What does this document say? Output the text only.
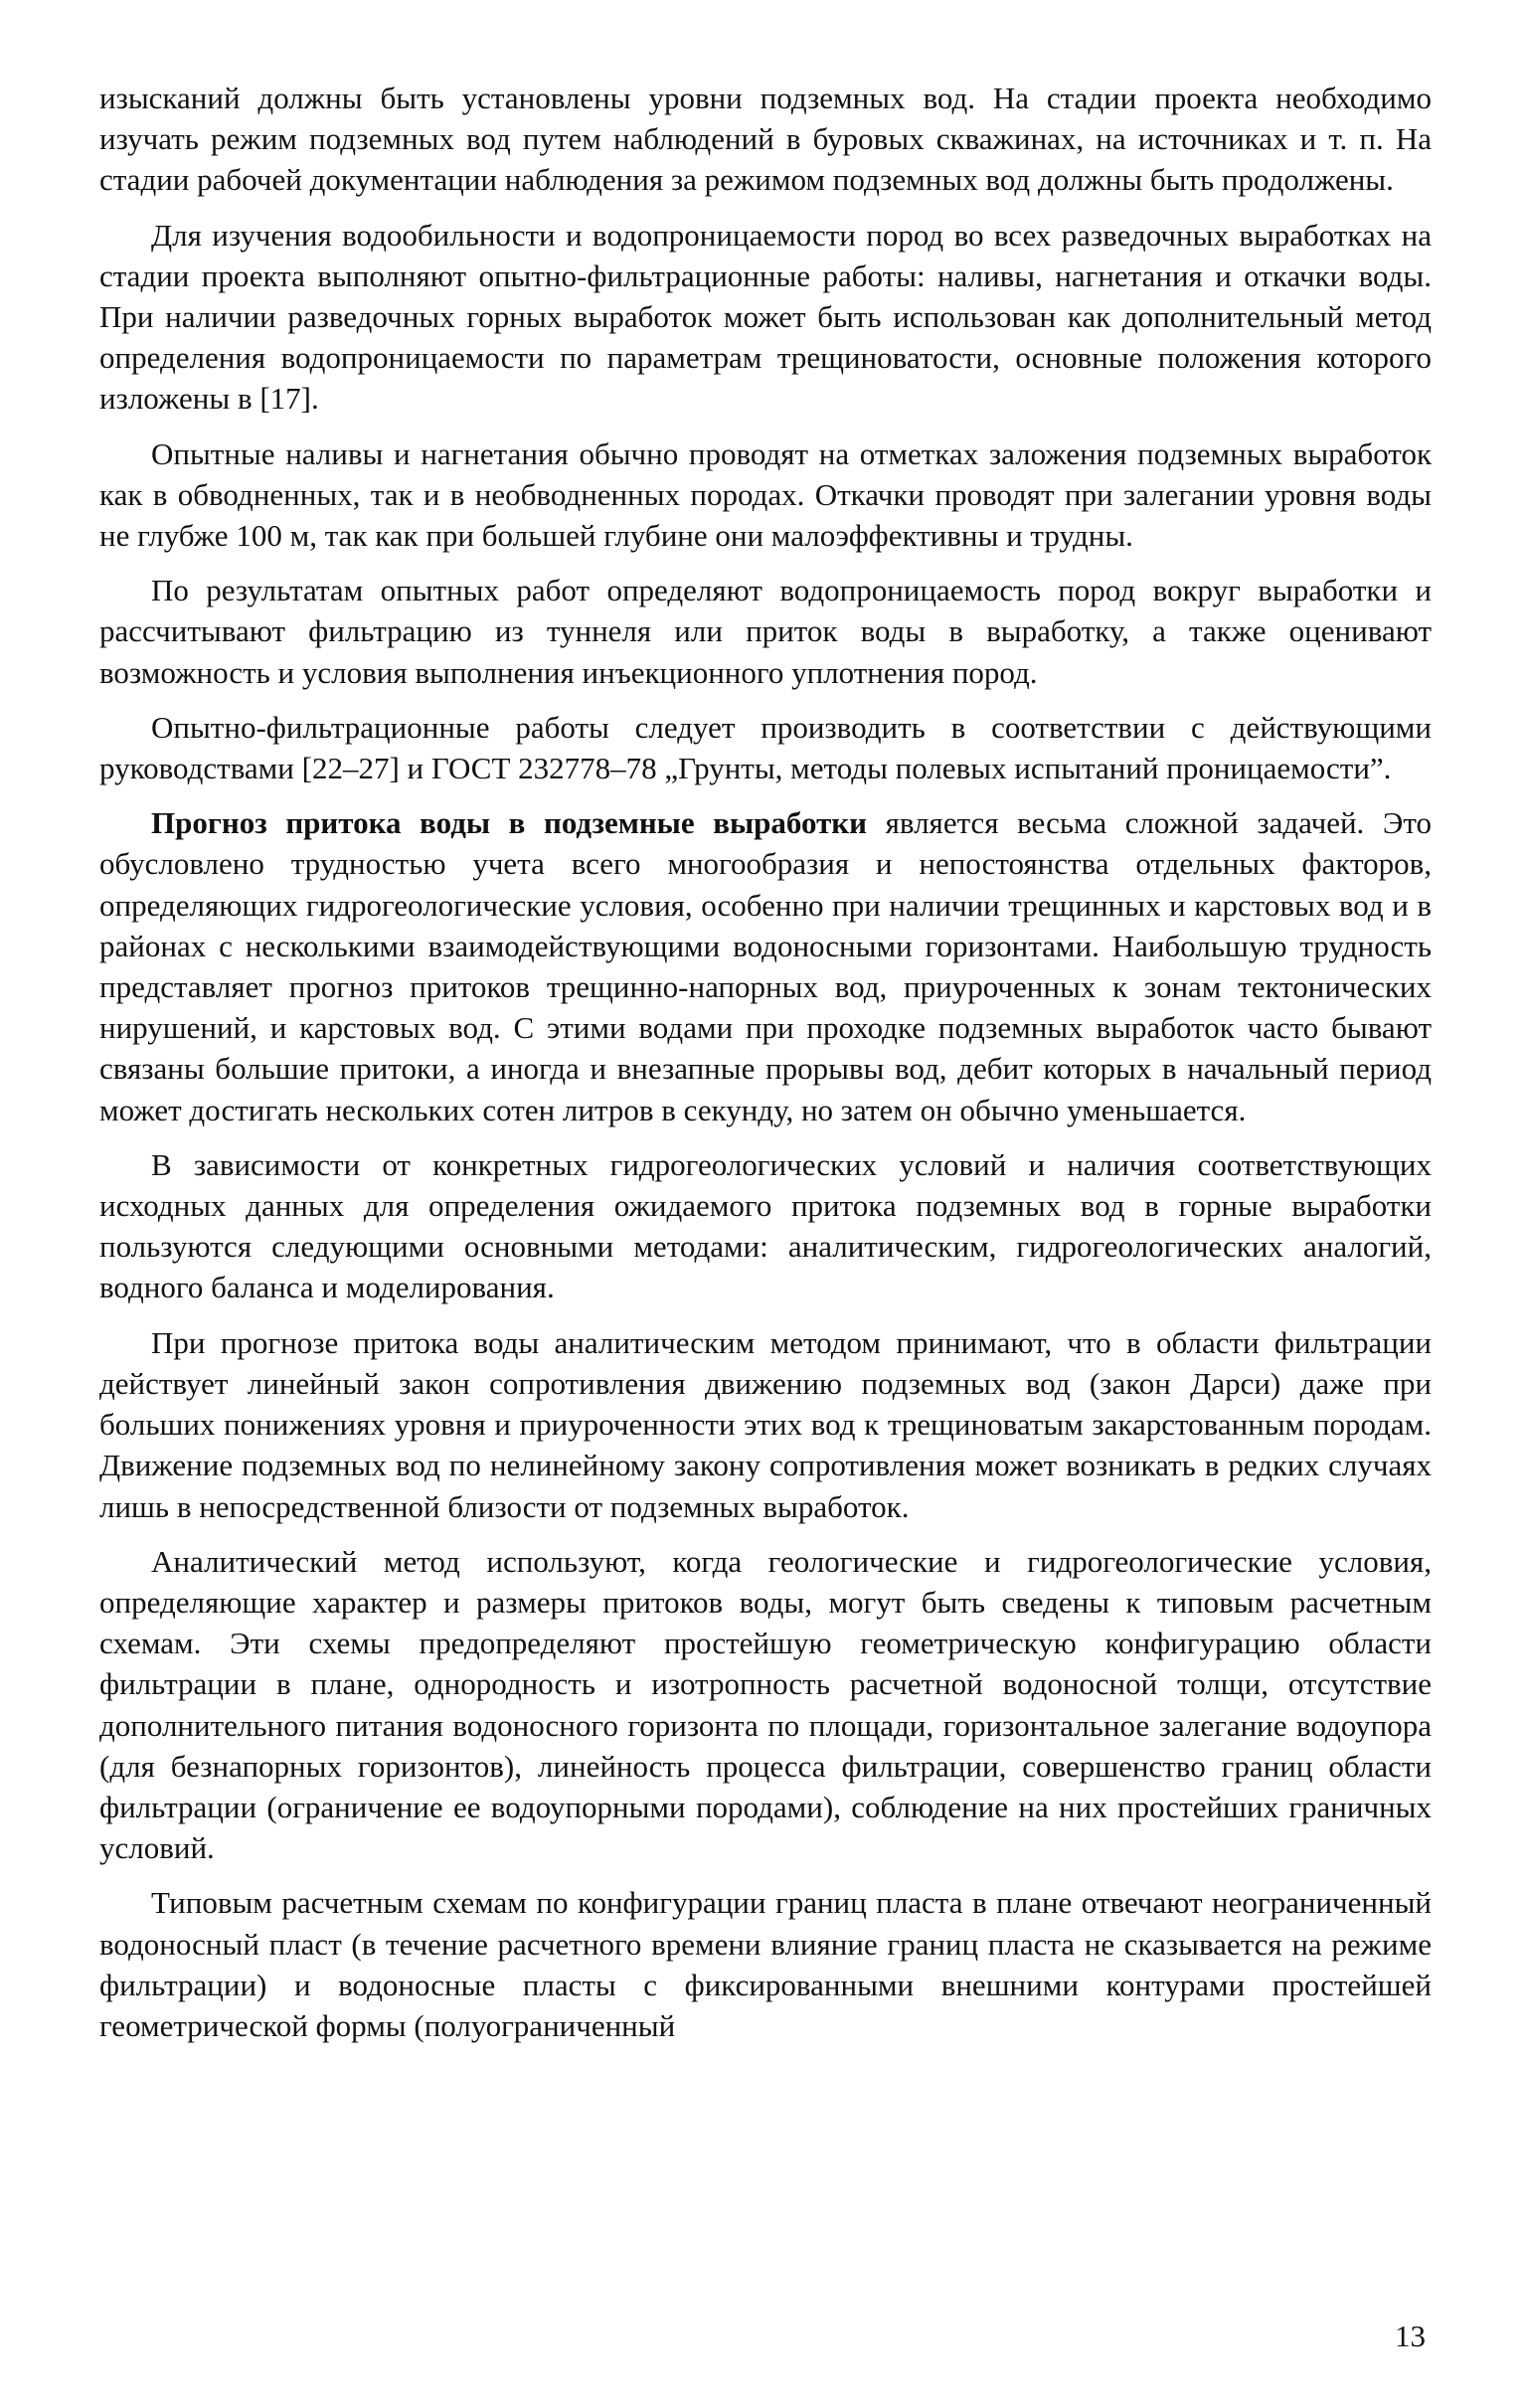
изысканий должны быть установлены уровни подземных вод. На стадии проекта необходимо изучать режим подземных вод путем наблюдений в буровых скважинах, на источниках и т. п. На стадии рабочей документации наблюдения за режимом подземных вод должны быть продолжены.

Для изучения водообильности и водопроницаемости пород во всех разведочных выработках на стадии проекта выполняют опытно-фильтрационные работы: наливы, нагнетания и откачки воды. При наличии разведочных горных выработок может быть использован как дополнительный метод определения водопроницаемости по параметрам трещиноватости, основные положения которого изложены в [17].

Опытные наливы и нагнетания обычно проводят на отметках заложения подземных выработок как в обводненных, так и в необводненных породах. Откачки проводят при залегании уровня воды не глубже 100 м, так как при большей глубине они малоэффективны и трудны.

По результатам опытных работ определяют водопроницаемость пород вокруг выработки и рассчитывают фильтрацию из туннеля или приток воды в выработку, а также оценивают возможность и условия выполнения инъекционного уплотнения пород.

Опытно-фильтрационные работы следует производить в соответствии с действующими руководствами [22–27] и ГОСТ 232778–78 „Грунты, методы полевых испытаний проницаемости”.

Прогноз притока воды в подземные выработки является весьма сложной задачей. Это обусловлено трудностью учета всего многообразия и непостоянства отдельных факторов, определяющих гидрогеологические условия, особенно при наличии трещинных и карстовых вод и в районах с несколькими взаимодействующими водоносными горизонтами. Наибольшую трудность представляет прогноз притоков трещинно-напорных вод, приуроченных к зонам тектонических нирушений, и карстовых вод. С этими водами при проходке подземных выработок часто бывают связаны большие притоки, а иногда и внезапные прорывы вод, дебит которых в начальный период может достигать нескольких сотен литров в секунду, но затем он обычно уменьшается.

В зависимости от конкретных гидрогеологических условий и наличия соответствующих исходных данных для определения ожидаемого притока подземных вод в горные выработки пользуются следующими основными методами: аналитическим, гидрогеологических аналогий, водного баланса и моделирования.

При прогнозе притока воды аналитическим методом принимают, что в области фильтрации действует линейный закон сопротивления движению подземных вод (закон Дарси) даже при больших понижениях уровня и приуроченности этих вод к трещиноватым закарстованным породам. Движение подземных вод по нелинейному закону сопротивления может возникать в редких случаях лишь в непосредственной близости от подземных выработок.

Аналитический метод используют, когда геологические и гидрогеологические условия, определяющие характер и размеры притоков воды, могут быть сведены к типовым расчетным схемам. Эти схемы предопределяют простейшую геометрическую конфигурацию области фильтрации в плане, однородность и изотропность расчетной водоносной толщи, отсутствие дополнительного питания водоносного горизонта по площади, горизонтальное залегание водоупора (для безнапорных горизонтов), линейность процесса фильтрации, совершенство границ области фильтрации (ограничение ее водоупорными породами), соблюдение на них простейших граничных условий.

Типовым расчетным схемам по конфигурации границ пласта в плане отвечают неограниченный водоносный пласт (в течение расчетного времени влияние границ пласта не сказывается на режиме фильтрации) и водоносные пласты с фиксированными внешними контурами простейшей геометрической формы (полуограниченный

13
